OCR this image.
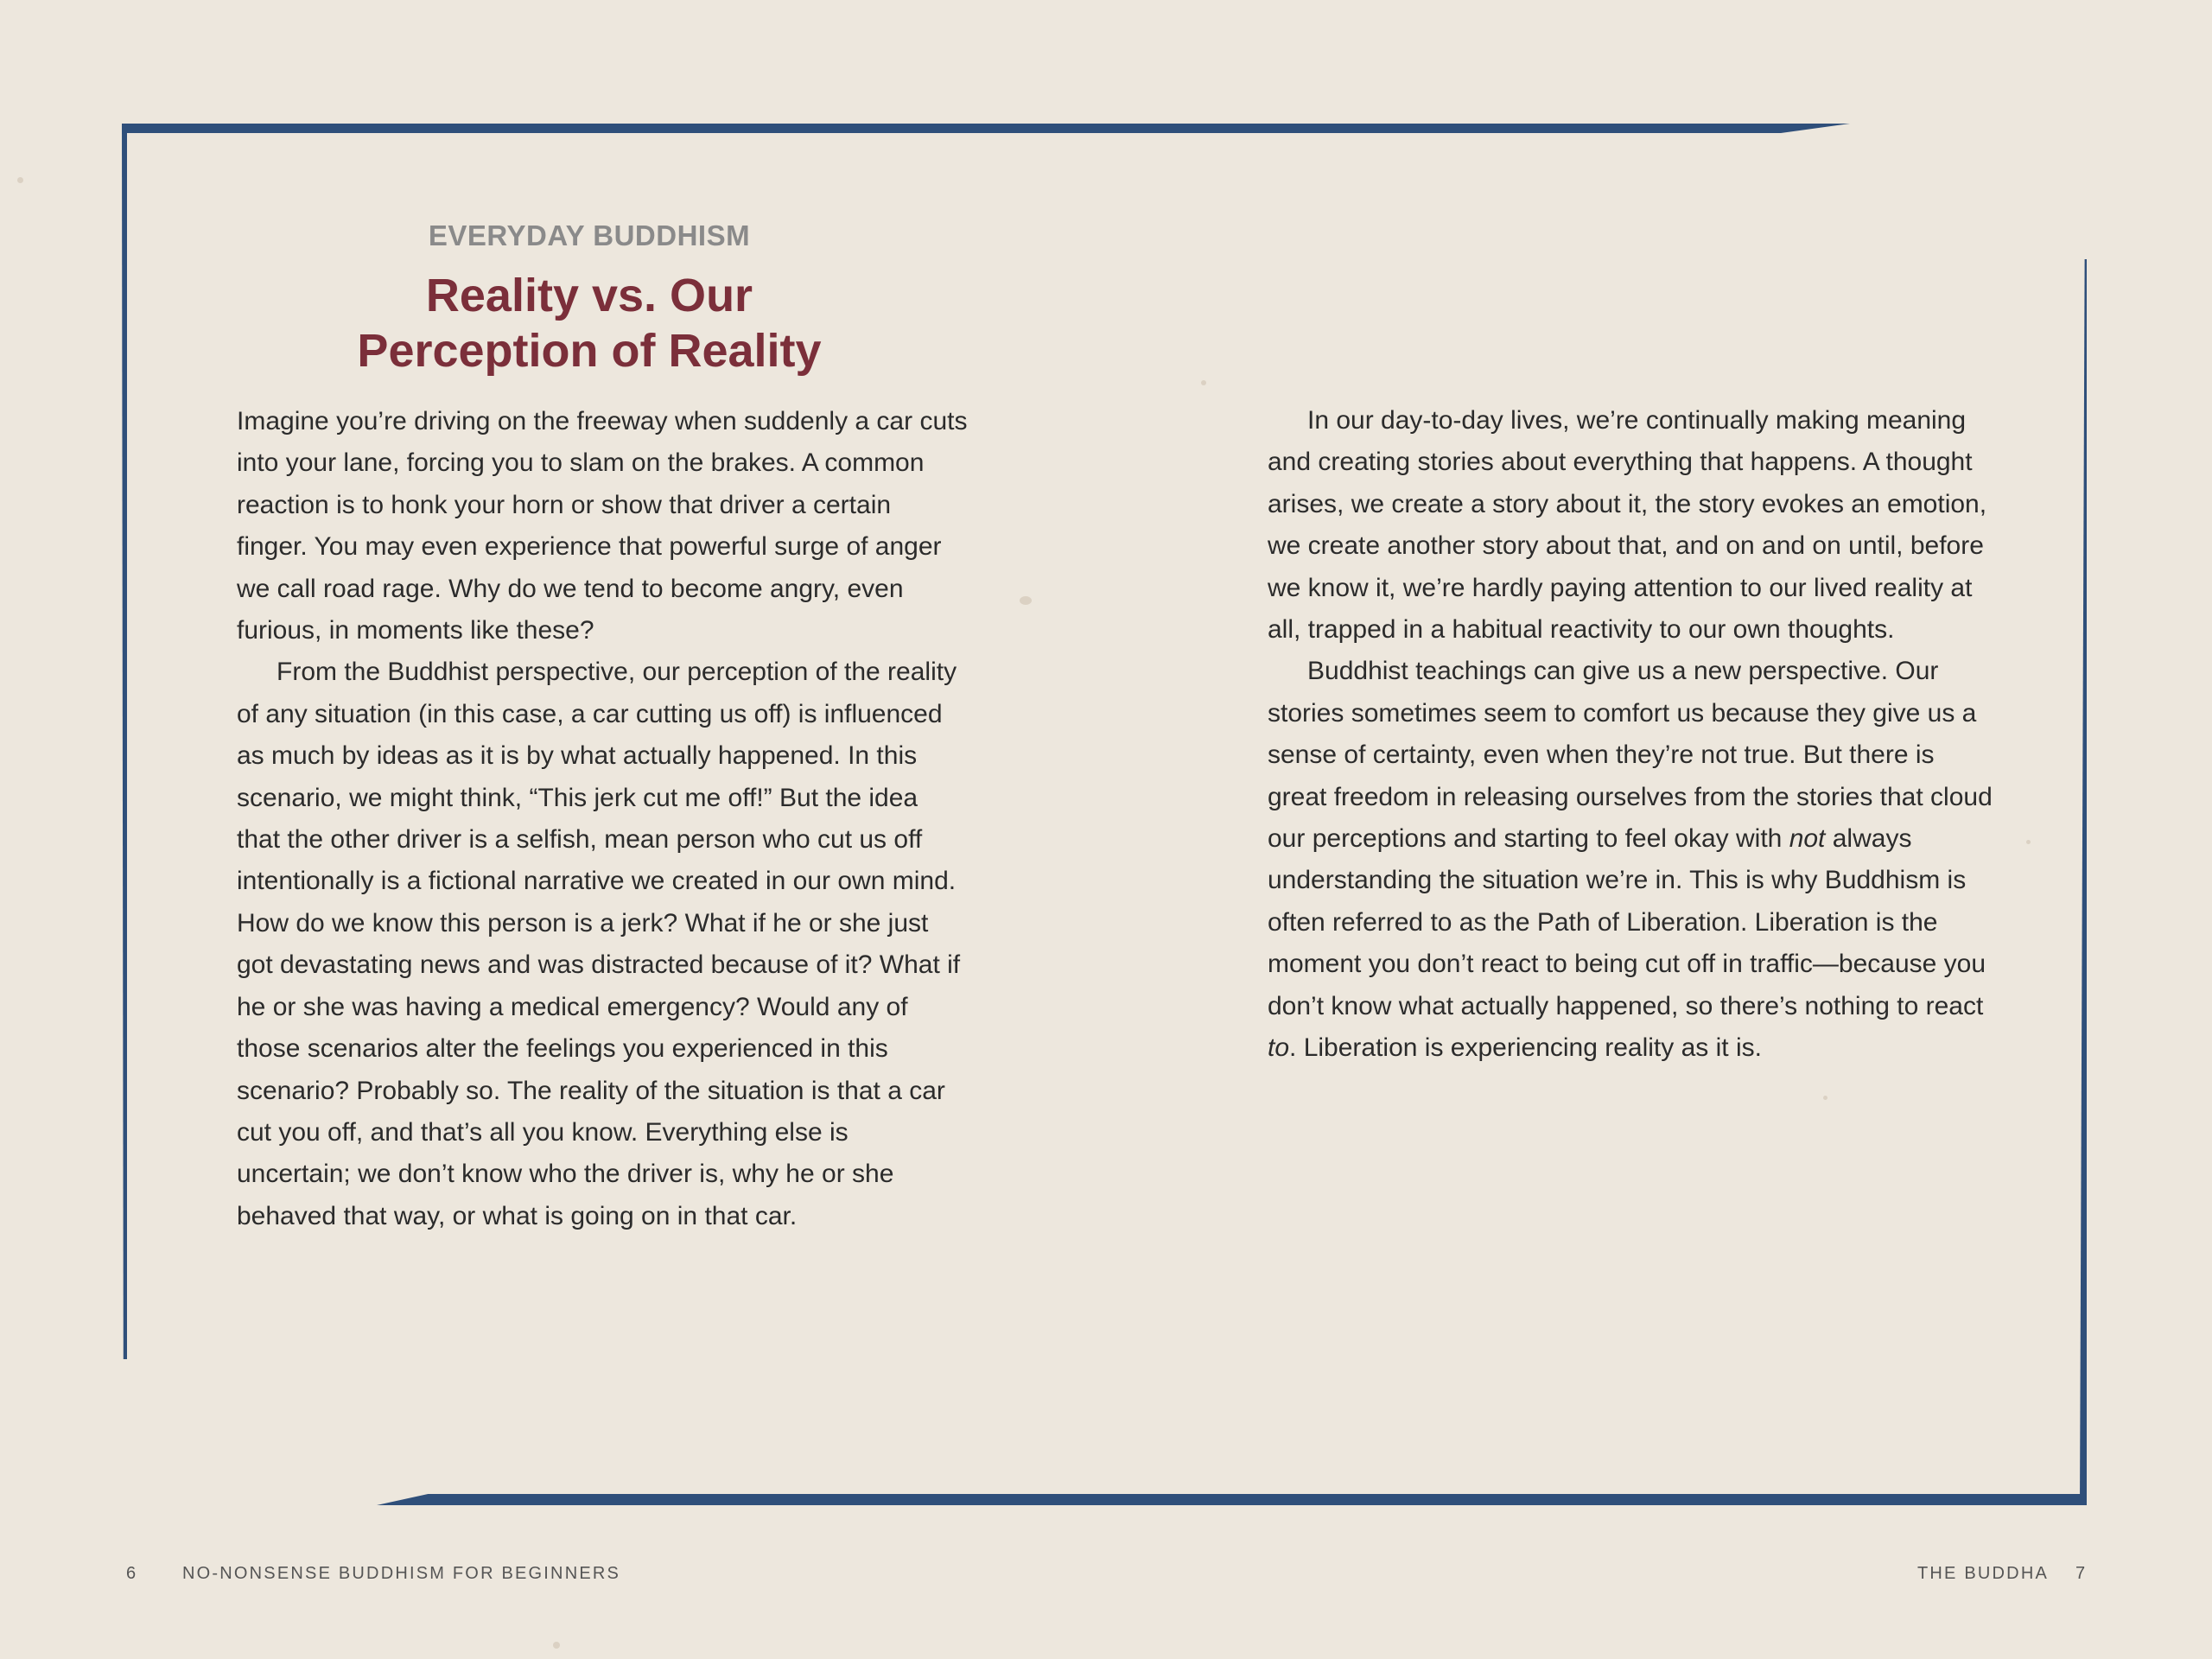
EVERYDAY BUDDHISM
Reality vs. Our
Perception of Reality

Imagine you’re driving on the freeway when suddenly a car cuts into your lane, forcing you to slam on the brakes. A common reaction is to honk your horn or show that driver a certain finger. You may even experience that powerful surge of anger we call road rage. Why do we tend to become angry, even furious, in moments like these?

From the Buddhist perspective, our perception of the reality of any situation (in this case, a car cutting us off) is influenced as much by ideas as it is by what actually happened. In this scenario, we might think, “This jerk cut me off!” But the idea that the other driver is a selfish, mean person who cut us off intentionally is a fictional narrative we created in our own mind. How do we know this person is a jerk? What if he or she just got devastating news and was distracted because of it? What if he or she was having a medical emergency? Would any of those scenarios alter the feelings you experienced in this scenario? Probably so. The reality of the situation is that a car cut you off, and that’s all you know. Everything else is uncertain; we don’t know who the driver is, why he or she behaved that way, or what is going on in that car.

In our day-to-day lives, we’re continually making meaning and creating stories about everything that happens. A thought arises, we create a story about it, the story evokes an emotion, we create another story about that, and on and on until, before we know it, we’re hardly paying attention to our lived reality at all, trapped in a habitual reactivity to our own thoughts.

Buddhist teachings can give us a new perspective. Our stories sometimes seem to comfort us because they give us a sense of certainty, even when they’re not true. But there is great freedom in releasing ourselves from the stories that cloud our perceptions and starting to feel okay with not always understanding the situation we’re in. This is why Buddhism is often referred to as the Path of Liberation. Liberation is the moment you don’t react to being cut off in traffic—because you don’t know what actually happened, so there’s nothing to react to. Liberation is experiencing reality as it is.

6	NO-NONSENSE BUDDHISM FOR BEGINNERS	THE BUDDHA 7
